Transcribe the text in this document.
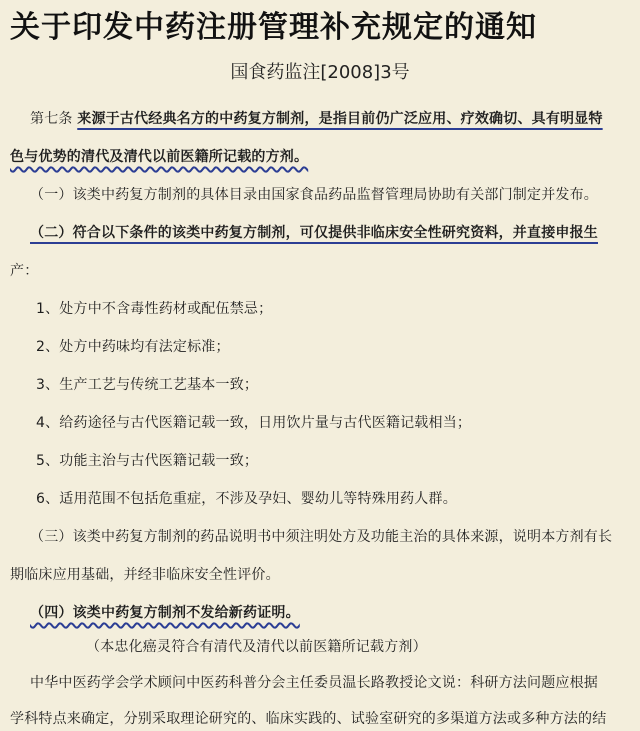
关于印发中药注册管理补充规定的通知
国食药监注[2008]3号
第七条 来源于古代经典名方的中药复方制剂，是指目前仍广泛应用、疗效确切、具有明显特
色与优势的清代及清代以前医籍所记载的方剂。
（一）该类中药复方制剂的具体目录由国家食品药品监督管理局协助有关部门制定并发布。
（二）符合以下条件的该类中药复方制剂，可仅提供非临床安全性研究资料，并直接申报生
产：
1、处方中不含毒性药材或配伍禁忌；
2、处方中药味均有法定标准；
3、生产工艺与传统工艺基本一致；
4、给药途径与古代医籍记载一致，日用饮片量与古代医籍记载相当；
5、功能主治与古代医籍记载一致；
6、适用范围不包括危重症，不涉及孕妇、婴幼儿等特殊用药人群。
（三）该类中药复方制剂的药品说明书中须注明处方及功能主治的具体来源，说明本方剂有长
期临床应用基础，并经非临床安全性评价。
（四）该类中药复方制剂不发给新药证明。
（本忠化癌灵符合有清代及清代以前医籍所记载方剂）
中华中医药学会学术顾问中医药科普分会主任委员温长路教授论文说：科研方法问题应根据
学科特点来确定，分别采取理论研究的、临床实践的、试验室研究的多渠道方法或多种方法的结
